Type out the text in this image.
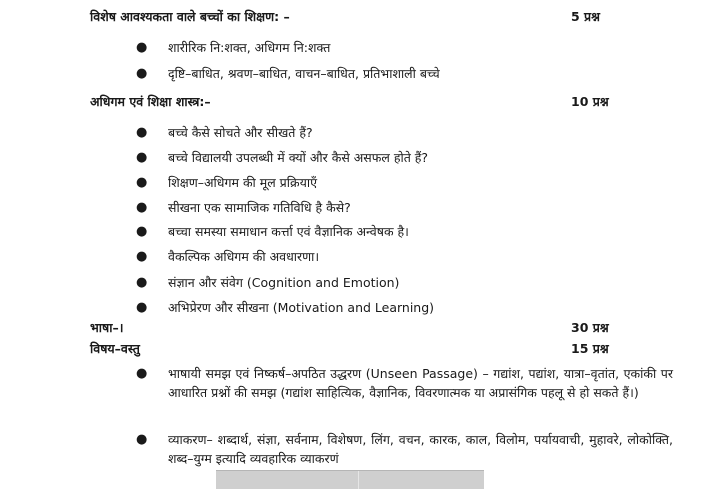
विशेष आवश्यकता वाले बच्चों का शिक्षण: –	5 प्रश्न
●	शारीरिक नि:शक्त, अधिगम नि:शक्त
●	दृष्टि–बाधित, श्रवण–बाधित, वाचन–बाधित, प्रतिभाशाली बच्चे
अधिगम एवं शिक्षा शास्त्र:–	10 प्रश्न
●	बच्चे कैसे सोचते और सीखते हैं?
●	बच्चे विद्यालयी उपलब्धी में क्यों और कैसे असफल होते हैं?
●	शिक्षण–अधिगम की मूल प्रक्रियाएँ
●	सीखना एक सामाजिक गतिविधि है कैसे?
●	बच्चा समस्या समाधान कर्त्ता एवं वैज्ञानिक अन्वेषक है।
●	वैकल्पिक अधिगम की अवधारणा।
●	संज्ञान और संवेग (Cognition and Emotion)
●	अभिप्रेरण और सीखना (Motivation and Learning)
भाषा–।	30 प्रश्न
विषय–वस्तु	15 प्रश्न
● भाषायी समझ एवं निष्कर्ष–अपठित उद्धरण (Unseen Passage) – गद्यांश, पद्यांश, यात्रा–वृतांत, एकांकी पर आधारित प्रश्नों की समझ (गद्यांश साहित्यिक, वैज्ञानिक, विवरणात्मक या अप्रासंगिक पहलू से हो सकते हैं।)
● व्याकरण– शब्दार्थ, संज्ञा, सर्वनाम, विशेषण, लिंग, वचन, कारक, काल, विलोम, पर्यायवाची, मुहावरे, लोकोक्ति, शब्द–युग्म इत्यादि व्यवहारिक व्याकरणं
